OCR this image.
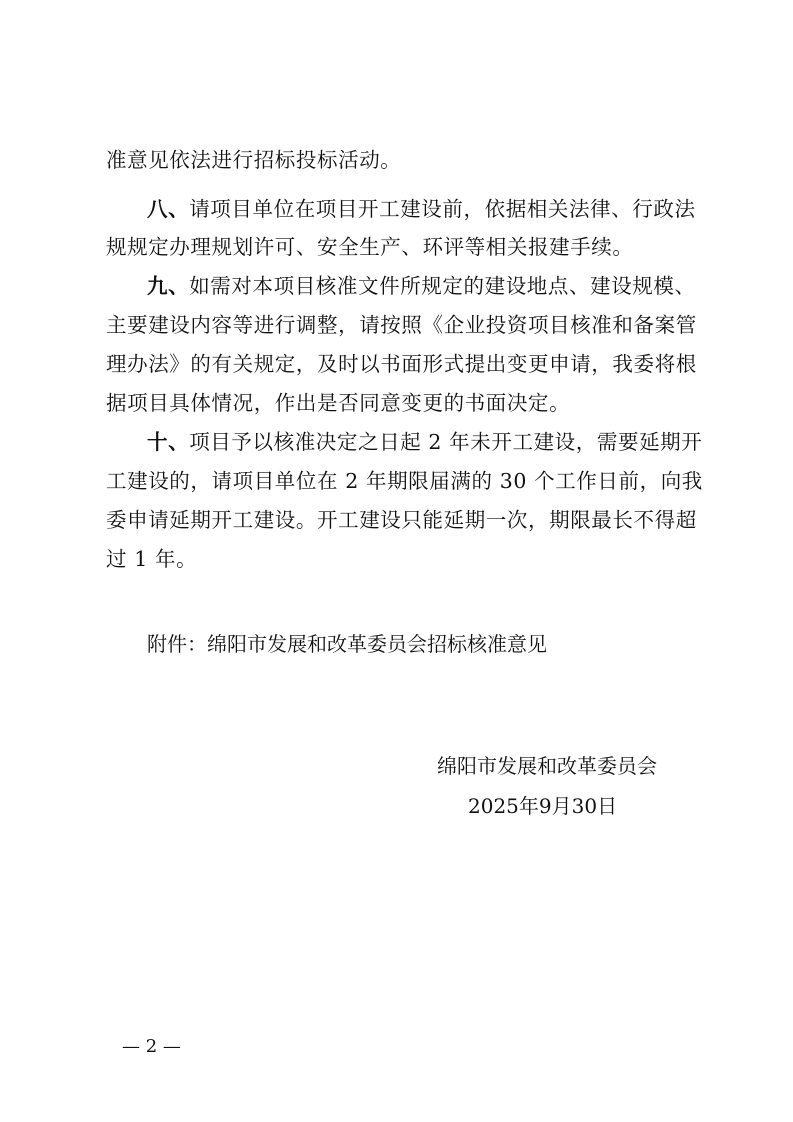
准意见依法进行招标投标活动。
八、请项目单位在项目开工建设前，依据相关法律、行政法
规规定办理规划许可、安全生产、环评等相关报建手续。
九、如需对本项目核准文件所规定的建设地点、建设规模、
主要建设内容等进行调整，请按照《企业投资项目核准和备案管
理办法》的有关规定，及时以书面形式提出变更申请，我委将根
据项目具体情况，作出是否同意变更的书面决定。
十、项目予以核准决定之日起 2 年未开工建设，需要延期开
工建设的，请项目单位在 2 年期限届满的 30 个工作日前，向我
委申请延期开工建设。开工建设只能延期一次，期限最长不得超
过 1 年。
附件：绵阳市发展和改革委员会招标核准意见
绵阳市发展和改革委员会
2025年9月30日
— 2 —
